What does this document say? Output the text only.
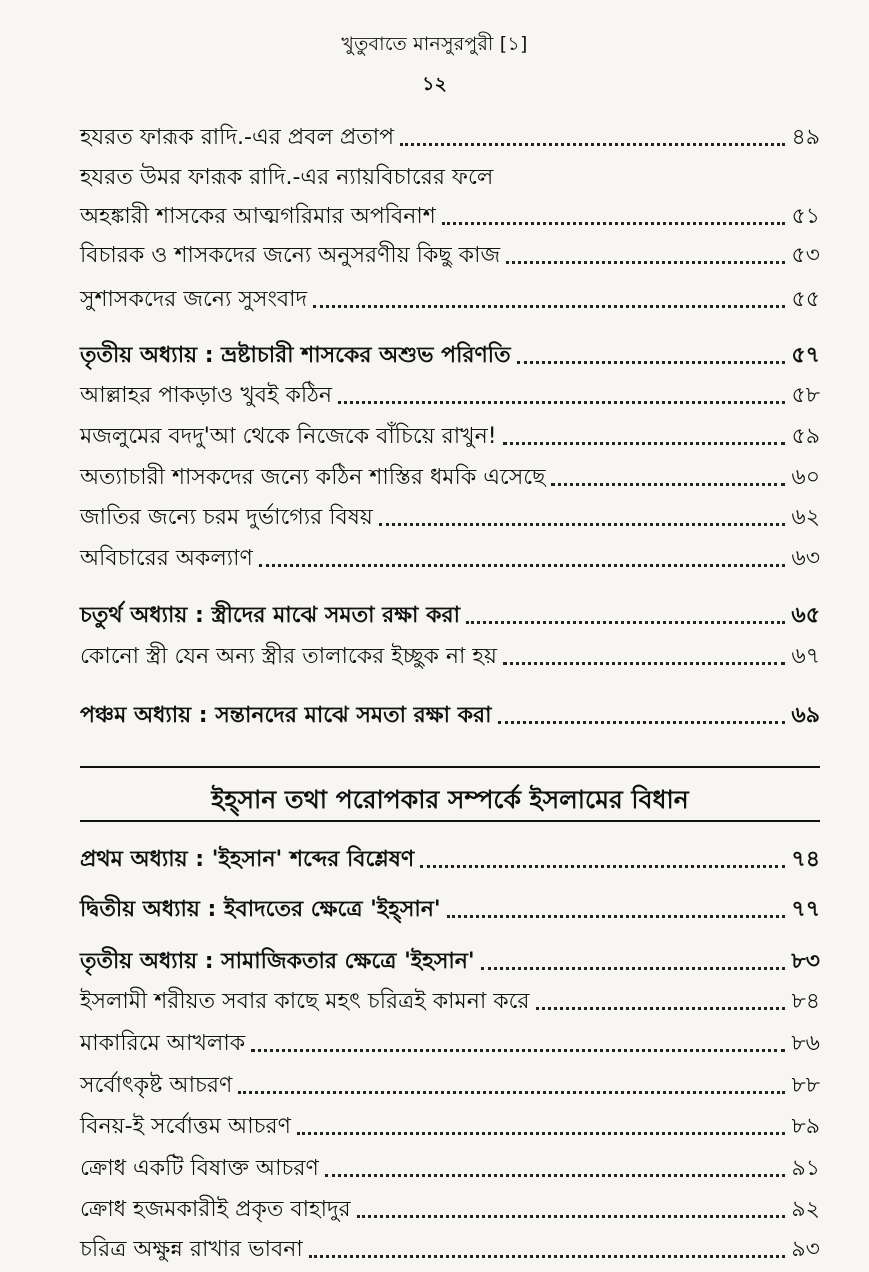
খুতুবাতে মানসুরপুরী [১]
১২
হযরত ফারূক রাদি.-এর প্রবল প্রতাপ	৪৯
হযরত উমর ফারূক রাদি.-এর ন্যায়বিচারের ফলে
অহঙ্কারী শাসকের আত্মগরিমার অপবিনাশ	৫১
বিচারক ও শাসকদের জন্যে অনুসরণীয় কিছু কাজ	৫৩
সুশাসকদের জন্যে সুসংবাদ	৫৫
তৃতীয় অধ্যায় : ভ্রষ্টাচারী শাসকের অশুভ পরিণতি	৫৭
আল্লাহর পাকড়াও খুবই কঠিন	৫৮
মজলুমের বদদু'আ থেকে নিজেকে বাঁচিয়ে রাখুন!	৫৯
অত্যাচারী শাসকদের জন্যে কঠিন শাস্তির ধমকি এসেছে	৬০
জাতির জন্যে চরম দুর্ভাগ্যের বিষয়	৬২
অবিচারের অকল্যাণ	৬৩
চতুর্থ অধ্যায় : স্ত্রীদের মাঝে সমতা রক্ষা করা	৬৫
কোনো স্ত্রী যেন অন্য স্ত্রীর তালাকের ইচ্ছুক না হয়	৬৭
পঞ্চম অধ্যায় : সন্তানদের মাঝে সমতা রক্ষা করা	৬৯
ইহ্সান তথা পরোপকার সম্পর্কে ইসলামের বিধান
প্রথম অধ্যায় : 'ইহসান' শব্দের বিশ্লেষণ	৭৪
দ্বিতীয় অধ্যায় : ইবাদতের ক্ষেত্রে 'ইহ্সান'	৭৭
তৃতীয় অধ্যায় : সামাজিকতার ক্ষেত্রে 'ইহসান'	৮৩
ইসলামী শরীয়ত সবার কাছে মহৎ চরিত্রই কামনা করে	৮৪
মাকারিমে আখলাক	৮৬
সর্বোৎকৃষ্ট আচরণ	৮৮
বিনয়-ই সর্বোত্তম আচরণ	৮৯
ক্রোধ একটি বিষাক্ত আচরণ	৯১
ক্রোধ হজমকারীই প্রকৃত বাহাদুর	৯২
চরিত্র অক্ষুন্ন রাখার ভাবনা	৯৩
